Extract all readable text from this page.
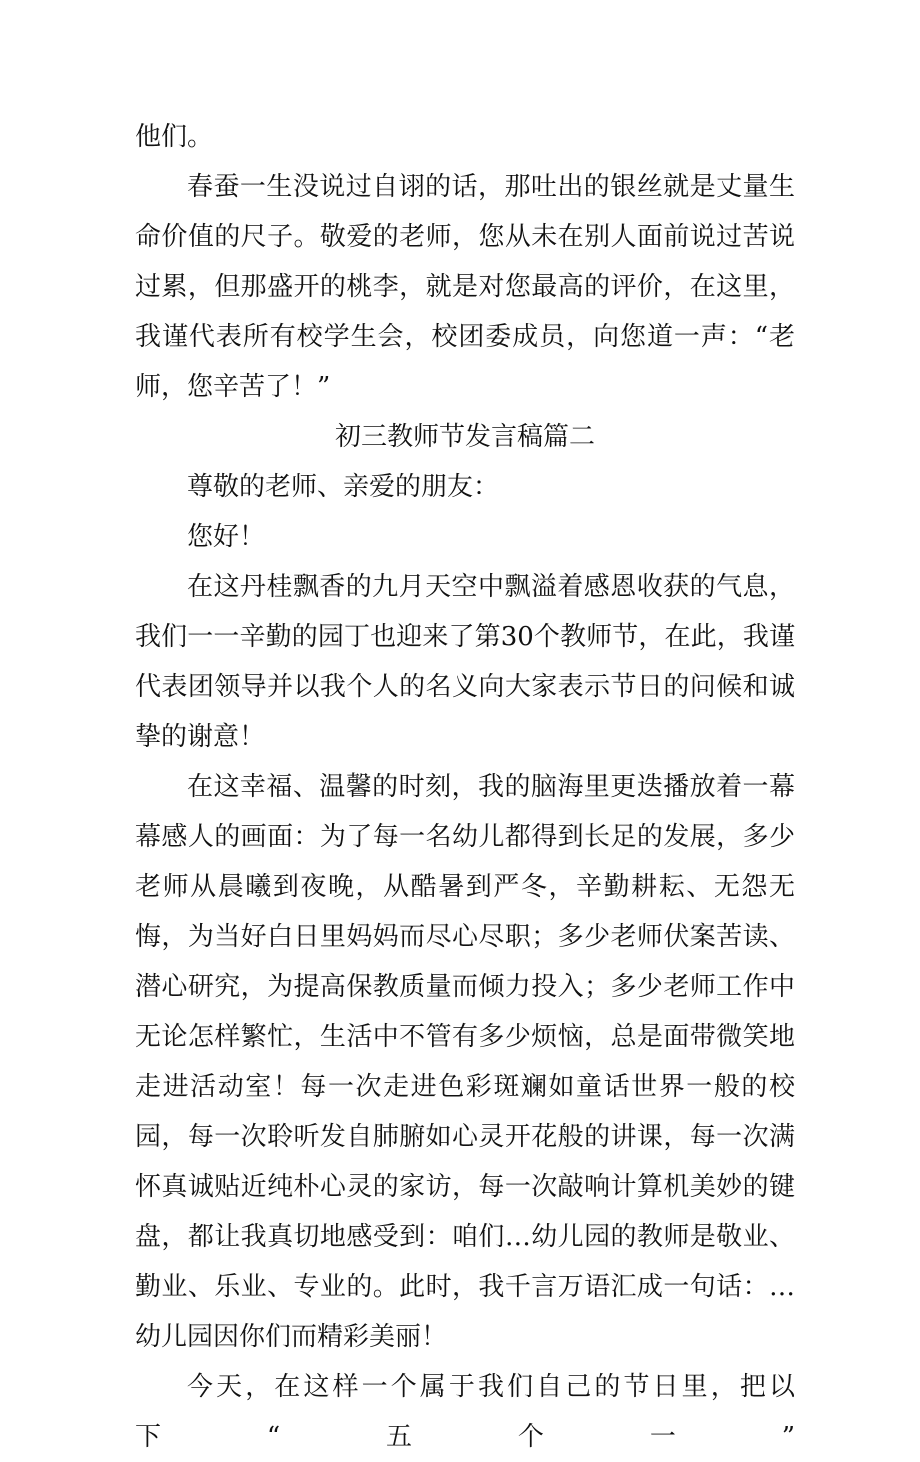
他们。

春蚕一生没说过自诩的话，那吐出的银丝就是丈量生命价值的尺子。敬爱的老师，您从未在别人面前说过苦说过累，但那盛开的桃李，就是对您最高的评价，在这里，我谨代表所有校学生会，校团委成员，向您道一声：“老师，您辛苦了！”

初三教师节发言稿篇二

尊敬的老师、亲爱的朋友：

您好！

在这丹桂飘香的九月天空中飘溢着感恩收获的气息，我们一一辛勤的园丁也迎来了第30个教师节，在此，我谨代表团领导并以我个人的名义向大家表示节日的问候和诚挚的谢意！

在这幸福、温馨的时刻，我的脑海里更迭播放着一幕幕感人的画面：为了每一名幼儿都得到长足的发展，多少老师从晨曦到夜晚，从酷暑到严冬，辛勤耕耘、无怨无悔，为当好白日里妈妈而尽心尽职；多少老师伏案苦读、潜心研究，为提高保教质量而倾力投入；多少老师工作中无论怎样繁忙，生活中不管有多少烦恼，总是面带微笑地走进活动室！每一次走进色彩斑斓如童话世界一般的校园，每一次聆听发自肺腑如心灵开花般的讲课，每一次满怀真诚贴近纯朴心灵的家访，每一次敲响计算机美妙的键盘，都让我真切地感受到：咱们…幼儿园的教师是敬业、勤业、乐业、专业的。此时，我千言万语汇成一句话：…幼儿园因你们而精彩美丽！

今天，在这样一个属于我们自己的节日里，把以下“五个一”
